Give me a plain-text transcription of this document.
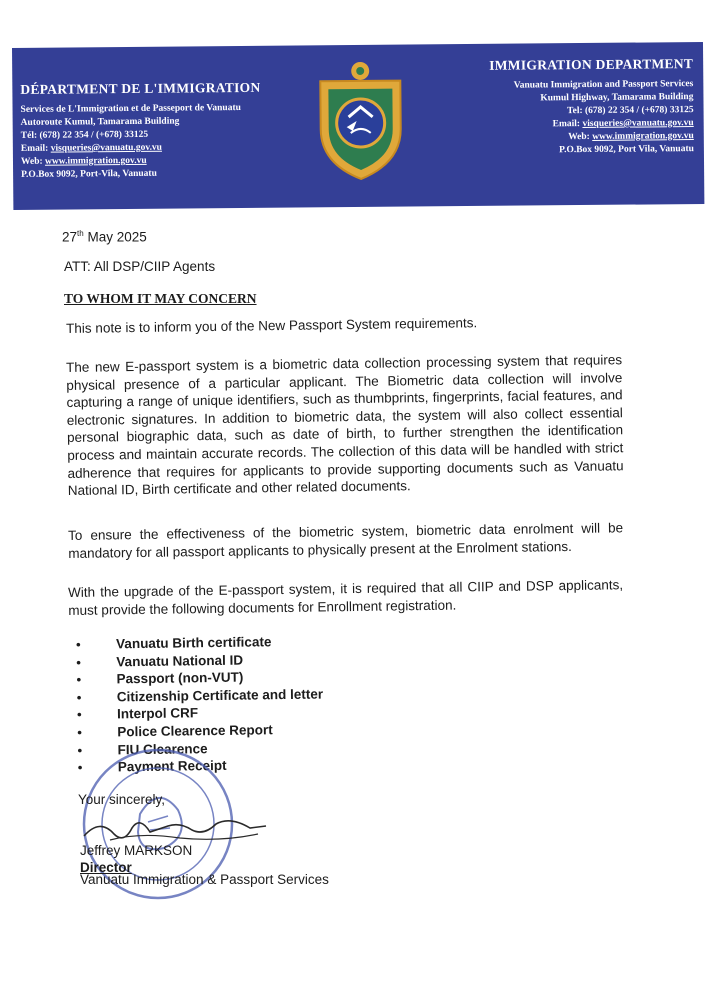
DÉPARTMENT DE L'IMMIGRATION
Services de L'Immigration et de Passeport de Vanuatu
Autoroute Kumul, Tamarama Building
Tél: (678) 22 354 / (+678) 33125
Email: visqueries@vanuatu.gov.vu
Web: www.immigration.gov.vu
P.O.Box 9092, Port-Vila, Vanuatu
IMMIGRATION DEPARTMENT
Vanuatu Immigration and Passport Services
Kumul Highway, Tamarama Building
Tel: (678) 22 354 / (+678) 33125
Email: visqueries@vanuatu.gov.vu
Web: www.immigration.gov.vu
P.O.Box 9092, Port Vila, Vanuatu
27th May 2025
ATT: All DSP/CIIP Agents
TO WHOM IT MAY CONCERN
This note is to inform you of the New Passport System requirements.
The new E-passport system is a biometric data collection processing system that requires physical presence of a particular applicant. The Biometric data collection will involve capturing a range of unique identifiers, such as thumbprints, fingerprints, facial features, and electronic signatures. In addition to biometric data, the system will also collect essential personal biographic data, such as date of birth, to further strengthen the identification process and maintain accurate records. The collection of this data will be handled with strict adherence that requires for applicants to provide supporting documents such as Vanuatu National ID, Birth certificate and other related documents.
To ensure the effectiveness of the biometric system, biometric data enrolment will be mandatory for all passport applicants to physically present at the Enrolment stations.
With the upgrade of the E-passport system, it is required that all CIIP and DSP applicants, must provide the following documents for Enrollment registration.
•	Vanuatu Birth certificate
•	Vanuatu National ID
•	Passport (non-VUT)
•	Citizenship Certificate and letter
•	Interpol CRF
•	Police Clearence Report
•	FIU Clearence
•	Payment Receipt
Your sincerely,
Jeffrey MARKSON
Director
Vanuatu Immigration & Passport Services
